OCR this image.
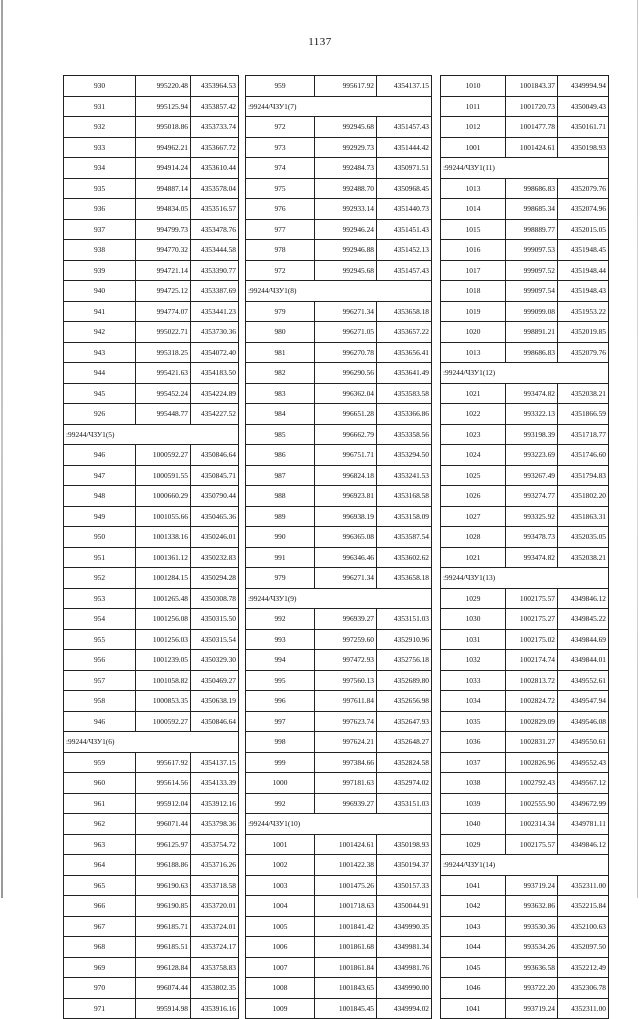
1137
930	995220.48	4353964.53		959	995617.92	4354137.15		1010	1001843.37	4349994.94
931	995125.94	4353857.42		:99244/ЧЗУ1(7)				1011	1001720.73	4350049.43
932	995018.86	4353733.74		972	992945.68	4351457.43		1012	1001477.78	4350161.71
933	994962.21	4353667.72		973	992929.73	4351444.42		1001	1001424.61	4350198.93
934	994914.24	4353610.44		974	992484.73	4350971.51		:99244/ЧЗУ1(11)		
935	994887.14	4353578.04		975	992488.70	4350968.45		1013	998686.83	4352079.76
936	994834.05	4353516.57		976	992933.14	4351440.73		1014	998685.34	4352074.96
937	994799.73	4353478.76		977	992946.24	4351451.43		1015	998889.77	4352015.05
938	994770.32	4353444.58		978	992946.88	4351452.13		1016	999097.53	4351948.45
939	994721.14	4353390.77		972	992945.68	4351457.43		1017	999097.52	4351948.44
940	994725.12	4353387.69		:99244/ЧЗУ1(8)				1018	999097.54	4351948.43
941	994774.07	4353441.23		979	996271.34	4353658.18		1019	999099.08	4351953.22
942	995022.71	4353730.36		980	996271.05	4353657.22		1020	998891.21	4352019.85
943	995318.25	4354072.40		981	996270.78	4353656.41		1013	998686.83	4352079.76
944	995421.63	4354183.50		982	996290.56	4353641.49		:99244/ЧЗУ1(12)		
945	995452.24	4354224.89		983	996362.04	4353583.58		1021	993474.82	4352038.21
926	995448.77	4354227.52		984	996651.28	4353366.86		1022	993322.13	4351866.59
:99244/ЧЗУ1(5)				985	996662.79	4353358.56		1023	993198.39	4351718.77
946	1000592.27	4350846.64		986	996751.71	4353294.50		1024	993223.69	4351746.60
947	1000591.55	4350845.71		987	996824.18	4353241.53		1025	993267.49	4351794.83
948	1000660.29	4350790.44		988	996923.81	4353168.58		1026	993274.77	4351802.20
949	1001055.66	4350465.36		989	996938.19	4353158.09		1027	993325.92	4351863.31
950	1001338.16	4350246.01		990	996365.08	4353587.54		1028	993478.73	4352035.05
951	1001361.12	4350232.83		991	996346.46	4353602.62		1021	993474.82	4352038.21
952	1001284.15	4350294.28		979	996271.34	4353658.18		:99244/ЧЗУ1(13)		
953	1001265.48	4350308.78		:99244/ЧЗУ1(9)				1029	1002175.57	4349846.12
954	1001256.08	4350315.50		992	996939.27	4353151.03		1030	1002175.27	4349845.22
955	1001256.03	4350315.54		993	997259.60	4352910.96		1031	1002175.02	4349844.69
956	1001239.05	4350329.30		994	997472.93	4352756.18		1032	1002174.74	4349844.01
957	1001058.82	4350469.27		995	997560.13	4352689.80		1033	1002813.72	4349552.61
958	1000853.35	4350638.19		996	997611.84	4352656.98		1034	1002824.72	4349547.94
946	1000592.27	4350846.64		997	997623.74	4352647.93		1035	1002829.09	4349546.08
:99244/ЧЗУ1(6)				998	997624.21	4352648.27		1036	1002831.27	4349550.61
959	995617.92	4354137.15		999	997384.66	4352824.58		1037	1002826.96	4349552.43
960	995614.56	4354133.39		1000	997181.63	4352974.02		1038	1002792.43	4349567.12
961	995912.04	4353912.16		992	996939.27	4353151.03		1039	1002555.90	4349672.99
962	996071.44	4353798.36		:99244/ЧЗУ1(10)				1040	1002314.34	4349781.11
963	996125.97	4353754.72		1001	1001424.61	4350198.93		1029	1002175.57	4349846.12
964	996188.86	4353716.26		1002	1001422.38	4350194.37		:99244/ЧЗУ1(14)		
965	996190.63	4353718.58		1003	1001475.26	4350157.33		1041	993719.24	4352311.00
966	996190.85	4353720.01		1004	1001718.63	4350044.91		1042	993632.86	4352215.84
967	996185.71	4353724.01		1005	1001841.42	4349990.35		1043	993530.36	4352100.63
968	996185.51	4353724.17		1006	1001861.68	4349981.34		1044	993534.26	4352097.50
969	996128.84	4353758.83		1007	1001861.84	4349981.76		1045	993636.58	4352212.49
970	996074.44	4353802.35		1008	1001843.65	4349990.00		1046	993722.20	4352306.78
971	995914.98	4353916.16		1009	1001845.45	4349994.02		1041	993719.24	4352311.00
